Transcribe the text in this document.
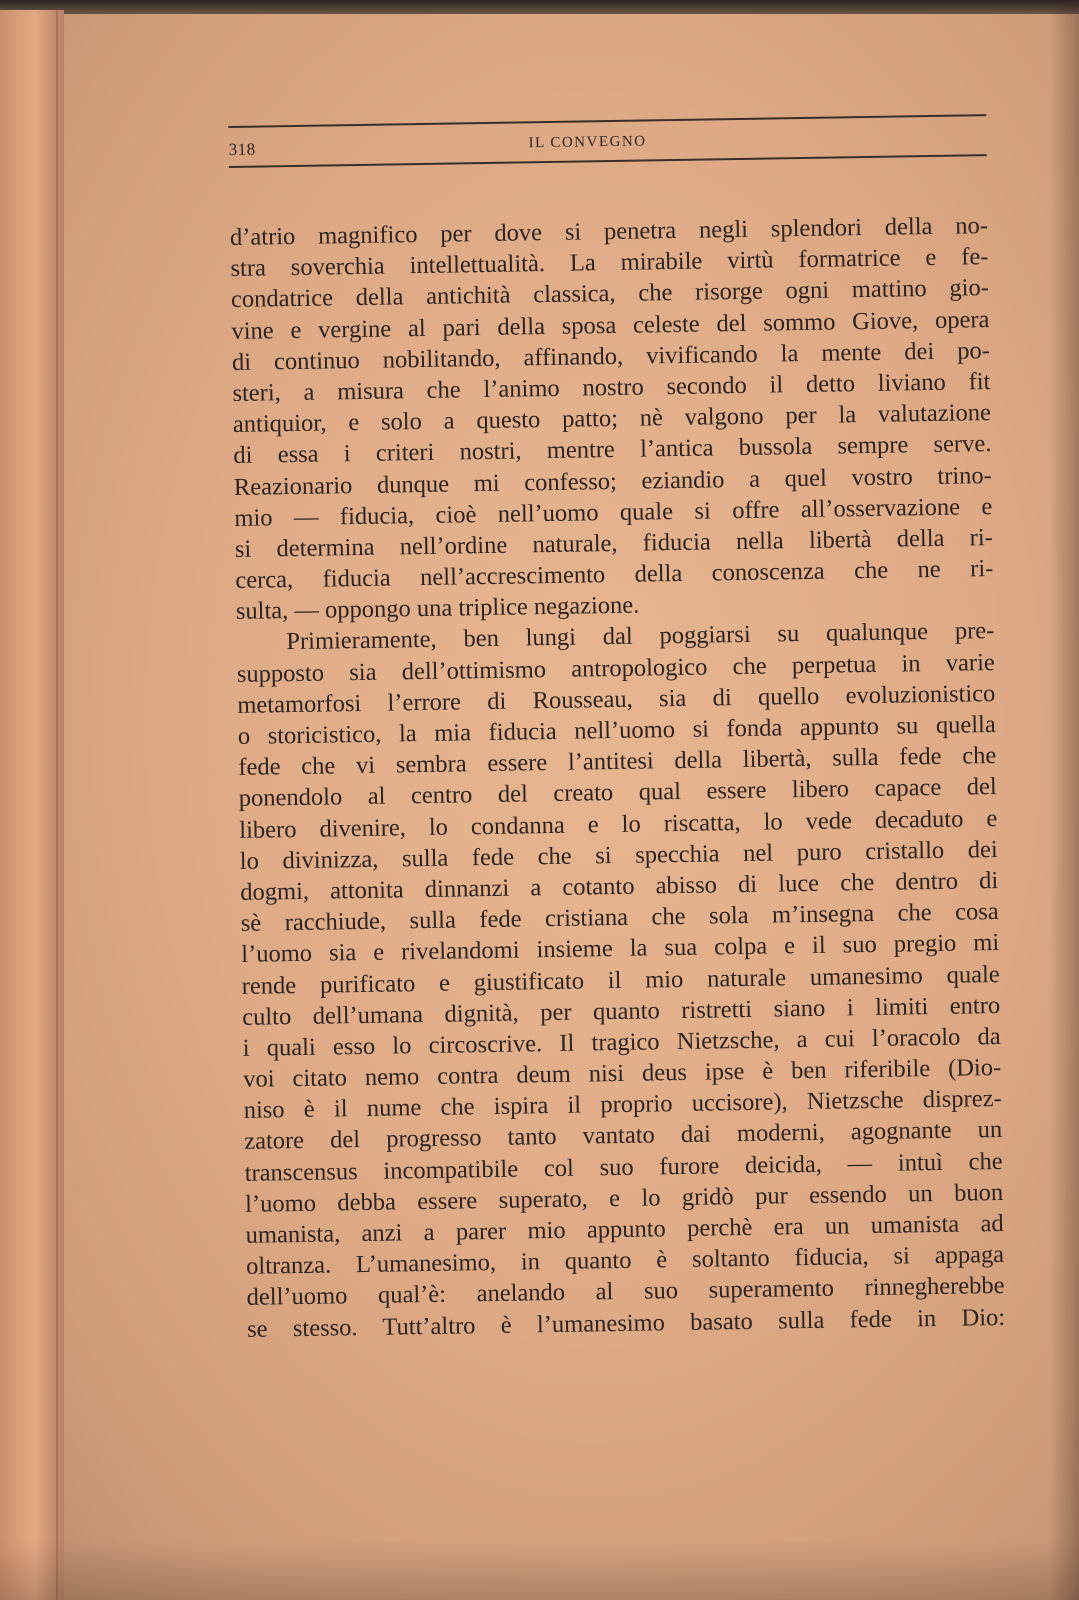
318	IL CONVEGNO
d’atrio magnifico per dove si penetra negli splendori della no-
stra soverchia intellettualità. La mirabile virtù formatrice e fe-
condatrice della antichità classica, che risorge ogni mattino gio-
vine e vergine al pari della sposa celeste del sommo Giove, opera
di continuo nobilitando, affinando, vivificando la mente dei po-
steri, a misura che l’animo nostro secondo il detto liviano fit
antiquior, e solo a questo patto; nè valgono per la valutazione
di essa i criteri nostri, mentre l’antica bussola sempre serve.
Reazionario dunque mi confesso; eziandio a quel vostro trino-
mio — fiducia, cioè nell’uomo quale si offre all’osservazione e
si determina nell’ordine naturale, fiducia nella libertà della ri-
cerca, fiducia nell’accrescimento della conoscenza che ne ri-
sulta, — oppongo una triplice negazione.
Primieramente, ben lungi dal poggiarsi su qualunque pre-
supposto sia dell’ottimismo antropologico che perpetua in varie
metamorfosi l’errore di Rousseau, sia di quello evoluzionistico
o storicistico, la mia fiducia nell’uomo si fonda appunto su quella
fede che vi sembra essere l’antitesi della libertà, sulla fede che
ponendolo al centro del creato qual essere libero capace del
libero divenire, lo condanna e lo riscatta, lo vede decaduto e
lo divinizza, sulla fede che si specchia nel puro cristallo dei
dogmi, attonita dinnanzi a cotanto abisso di luce che dentro di
sè racchiude, sulla fede cristiana che sola m’insegna che cosa
l’uomo sia e rivelandomi insieme la sua colpa e il suo pregio mi
rende purificato e giustificato il mio naturale umanesimo quale
culto dell’umana dignità, per quanto ristretti siano i limiti entro
i quali esso lo circoscrive. Il tragico Nietzsche, a cui l’oracolo da
voi citato nemo contra deum nisi deus ipse è ben riferibile (Dio-
niso è il nume che ispira il proprio uccisore), Nietzsche disprez-
zatore del progresso tanto vantato dai moderni, agognante un
transcensus incompatibile col suo furore deicida, — intuì che
l’uomo debba essere superato, e lo gridò pur essendo un buon
umanista, anzi a parer mio appunto perchè era un umanista ad
oltranza. L’umanesimo, in quanto è soltanto fiducia, si appaga
dell’uomo qual’è: anelando al suo superamento rinnegherebbe
se stesso. Tutt’altro è l’umanesimo basato sulla fede in Dio:
